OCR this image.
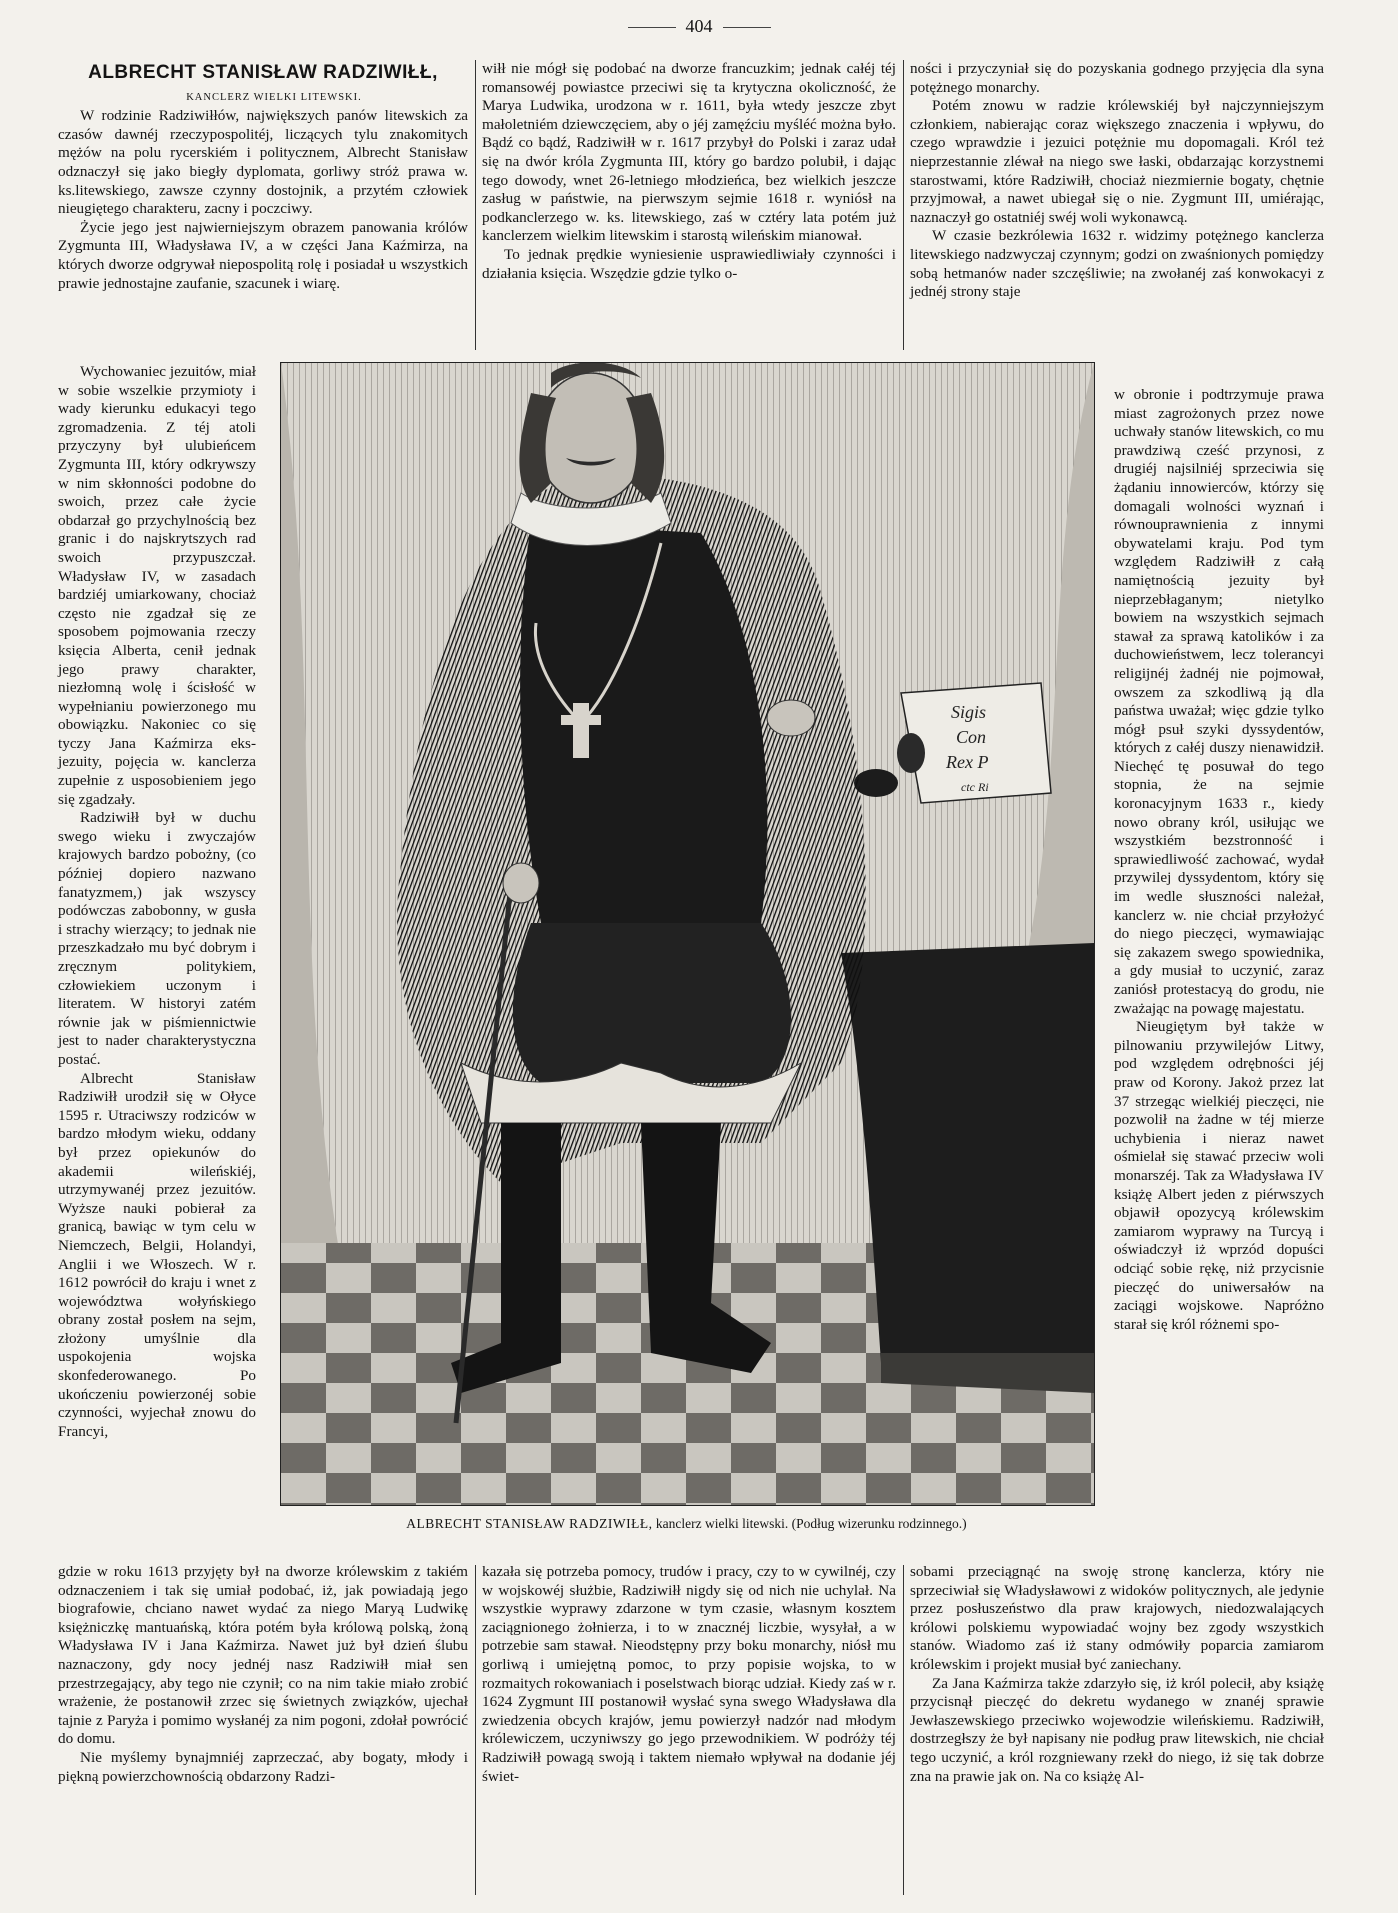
404
ALBRECHT STANISŁAW RADZIWIŁŁ,

KANCLERZ WIELKI LITEWSKI.

W rodzinie Radziwiłłów, największych panów litewskich za czasów dawnéj rzeczypospolitéj, liczących tylu znakomitych mężów na polu rycerskiém i politycznem, Albrecht Stanisław odznaczył się jako biegły dyplomata, gorliwy stróż prawa w. ks.litewskiego, zawsze czynny dostojnik, a przytém człowiek nieugiętego charakteru, zacny i poczciwy.

Życie jego jest najwierniejszym obrazem panowania królów Zygmunta III, Władysława IV, a w części Jana Kaźmirza, na których dworze odgrywał niepospolitą rolę i posiadał u wszystkich prawie jednostajne zaufanie, szacunek i wiarę.

Wychowaniec jezuitów, miał w sobie wszelkie przymioty i wady kierunku edukacyi tego zgromadzenia. Z téj atoli przyczyny był ulubieńcem Zygmunta III, który odkrywszy w nim skłonności podobne do swoich, przez całe życie obdarzał go przychylnością bez granic i do najskrytszych rad swoich przypuszczał. Władysław IV, w zasadach bardziéj umiarkowany, chociaż często nie zgadzał się ze sposobem pojmowania rzeczy księcia Alberta, cenił jednak jego prawy charakter, niezłomną wolę i ścisłość w wypełnianiu powierzonego mu obowiązku. Nakoniec co się tyczy Jana Kaźmirza eks-jezuity, pojęcia w. kanclerza zupełnie z usposobieniem jego się zgadzały.

Radziwiłł był w duchu swego wieku i zwyczajów krajowych bardzo pobożny, (co później dopiero nazwano fanatyzmem,) jak wszyscy podówczas zabobonny, w gusła i strachy wierzący; to jednak nie przeszkadzało mu być dobrym i zręcznym politykiem, człowiekiem uczonym i literatem. W historyi zatém równie jak w piśmiennictwie jest to nader charakterystyczna postać.

Albrecht Stanisław Radziwiłł urodził się w Ołyce 1595 r. Utraciwszy rodziców w bardzo młodym wieku, oddany był przez opiekunów do akademii wileńskiéj, utrzymywanéj przez jezuitów. Wyższe nauki pobierał za granicą, bawiąc w tym celu w Niemczech, Belgii, Holandyi, Anglii i we Włoszech. W r. 1612 powrócił do kraju i wnet z województwa wołyńskiego obrany został posłem na sejm, złożony umyślnie dla uspokojenia wojska skonfederowanego. Po ukończeniu powierzonéj sobie czynności, wyjechał znowu do Francyi,

gdzie w roku 1613 przyjęty był na dworze królewskim z takiém odznaczeniem i tak się umiał podobać, iż, jak powiadają jego biografowie, chciano nawet wydać za niego Maryą Ludwikę księżniczkę mantuańską, która potém była królową polską, żoną Władysława IV i Jana Kaźmirza. Nawet już był dzień ślubu naznaczony, gdy nocy jednéj nasz Radziwiłł miał sen przestrzegający, aby tego nie czynił; co na nim takie miało zrobić wrażenie, że postanowił zrzec się świetnych związków, ujechał tajnie z Paryża i pomimo wysłanéj za nim pogoni, zdołał powrócić do domu.

Nie myślemy bynajmniéj zaprzeczać, aby bogaty, młody i piękną powierzchownością obdarzony Radzi-

wiłł nie mógł się podobać na dworze francuzkim; jednak całéj téj romansowéj powiastce przeciwi się ta krytyczna okoliczność, że Marya Ludwika, urodzona w r. 1611, była wtedy jeszcze zbyt małoletniém dziewczęciem, aby o jéj zamęźciu myśléć można było. Bądź co bądź, Radziwiłł w r. 1617 przybył do Polski i zaraz udał się na dwór króla Zygmunta III, który go bardzo polubił, i dając tego dowody, wnet 26-letniego młodzieńca, bez wielkich jeszcze zasług w państwie, na pierwszym sejmie 1618 r. wyniósł na podkanclerzego w. ks. litewskiego, zaś w cztéry lata potém już kanclerzem wielkim litewskim i starostą wileńskim mianował.

To jednak prędkie wyniesienie usprawiedliwiały czynności i działania księcia. Wszędzie gdzie tylko o-

kazała się potrzeba pomocy, trudów i pracy, czy to w cywilnéj, czy w wojskowéj służbie, Radziwiłł nigdy się od nich nie uchylał. Na wszystkie wyprawy zdarzone w tym czasie, własnym kosztem zaciągnionego żołnierza, i to w znacznéj liczbie, wysyłał, a w potrzebie sam stawał. Nieodstępny przy boku monarchy, niósł mu gorliwą i umiejętną pomoc, to przy popisie wojska, to w rozmaitych rokowaniach i poselstwach biorąc udział. Kiedy zaś w r. 1624 Zygmunt III postanowił wysłać syna swego Władysława dla zwiedzenia obcych krajów, jemu powierzył nadzór nad młodym królewiczem, uczyniwszy go jego przewodnikiem. W podróży téj Radziwiłł powagą swoją i taktem niemało wpływał na dodanie jéj świet-

ności i przyczyniał się do pozyskania godnego przyjęcia dla syna potężnego monarchy.

Potém znowu w radzie królewskiéj był najczynniejszym członkiem, nabierając coraz większego znaczenia i wpływu, do czego wprawdzie i jezuici potężnie mu dopomagali. Król też nieprzestannie zléwał na niego swe łaski, obdarzając korzystnemi starostwami, które Radziwiłł, chociaż niezmiernie bogaty, chętnie przyjmował, a nawet ubiegał się o nie. Zygmunt III, umiérając, naznaczył go ostatniéj swéj woli wykonawcą.

W czasie bezkrólewia 1632 r. widzimy potężnego kanclerza litewskiego nadzwyczaj czynnym; godzi on zwaśnionych pomiędzy sobą hetmanów nader szczęśliwie; na zwołanéj zaś konwokacyi z jednéj strony staje

w obronie i podtrzymuje prawa miast zagrożonych przez nowe uchwały stanów litewskich, co mu prawdziwą cześć przynosi, z drugiéj najsilniéj sprzeciwia się żądaniu innowierców, którzy się domagali wolności wyznań i równouprawnienia z innymi obywatelami kraju. Pod tym względem Radziwiłł z całą namiętnością jezuity był nieprzebłaganym; nietylko bowiem na wszystkich sejmach stawał za sprawą katolików i za duchowieństwem, lecz tolerancyi religijnéj żadnéj nie pojmował, owszem za szkodliwą ją dla państwa uważał; więc gdzie tylko mógł psuł szyki dyssydentów, których z całéj duszy nienawidził. Niechęć tę posuwał do tego stopnia, że na sejmie koronacyjnym 1633 r., kiedy nowo obrany król, usiłując we wszystkiém bezstronność i sprawiedliwość zachować, wydał przywilej dyssydentom, który się im wedle słuszności należał, kanclerz w. nie chciał przyłożyć do niego pieczęci, wymawiając się zakazem swego spowiednika, a gdy musiał to uczynić, zaraz zaniósł protestacyą do grodu, nie zważając na powagę majestatu.

Nieugiętym był także w pilnowaniu przywilejów Litwy, pod względem odrębności jéj praw od Korony. Jakoż przez lat 37 strzegąc wielkiéj pieczęci, nie pozwolił na żadne w téj mierze uchybienia i nieraz nawet ośmielał się stawać przeciw woli monarszéj. Tak za Władysława IV książę Albert jeden z piérwszych objawił opozycyą królewskim zamiarom wyprawy na Turcyą i oświadczył iż wprzód dopuści odciąć sobie rękę, niż przycisnie pieczęć do uniwersałów na zaciągi wojskowe. Napróżno starał się król różnemi spo-

sobami przeciągnąć na swoję stronę kanclerza, który nie sprzeciwiał się Władysławowi z widoków politycznych, ale jedynie przez posłuszeństwo dla praw krajowych, niedozwalających królowi polskiemu wypowiadać wojny bez zgody wszystkich stanów. Wiadomo zaś iż stany odmówiły poparcia zamiarom królewskim i projekt musiał być zaniechany.

Za Jana Kaźmirza także zdarzyło się, iż król polecił, aby książę przycisnął pieczęć do dekretu wydanego w znanéj sprawie Jewłaszewskiego przeciwko wojewodzie wileńskiemu. Radziwiłł, dostrzegłszy że był napisany nie podług praw litewskich, nie chciał tego uczynić, a król rozgniewany rzekł do niego, iż się tak dobrze zna na prawie jak on. Na co książę Al-

Sigis
Con
Rex P
ctc Ri
ALBRECHT STANISŁAW RADZIWIŁŁ, kanclerz wielki litewski. (Podług wizerunku rodzinnego.)
